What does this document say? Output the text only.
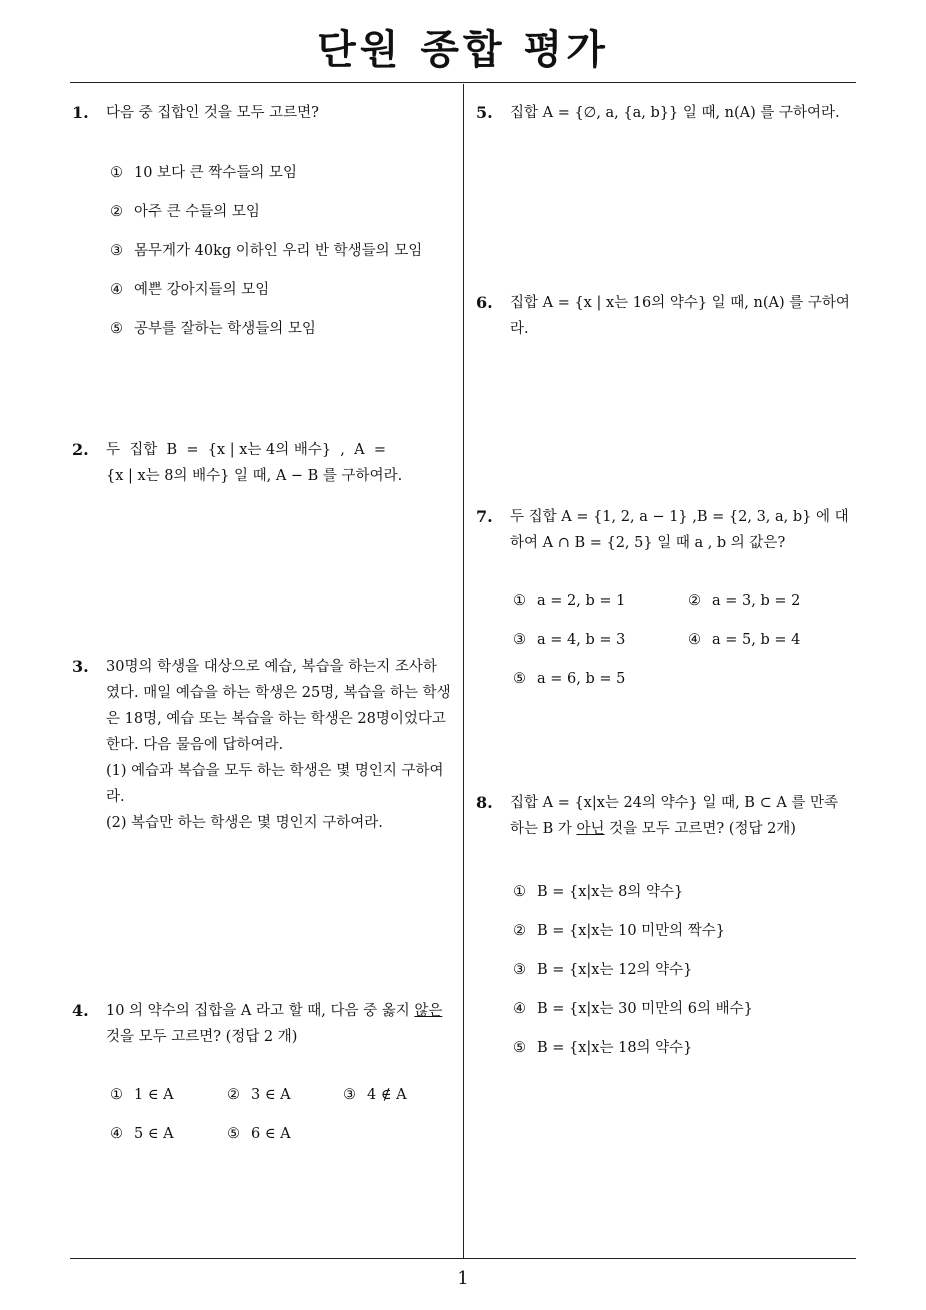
단원 종합 평가
1
1. 다음 중 집합인 것을 모두 고르면?
① 10 보다 큰 짝수들의 모임
② 아주 큰 수들의 모임
③ 몸무게가 40kg 이하인 우리 반 학생들의 모임
④ 예쁜 강아지들의 모임
⑤ 공부를 잘하는 학생들의 모임
2. 두  집합  B  =  {x | x는 4의 배수}  ,  A  =
{x | x는 8의 배수} 일 때, A − B 를 구하여라.
3. 30명의 학생을 대상으로 예습, 복습을 하는지 조사하
였다. 매일 예습을 하는 학생은 25명, 복습을 하는 학생
은 18명, 예습 또는 복습을 하는 학생은 28명이었다고
한다. 다음 물음에 답하여라.
(1) 예습과 복습을 모두 하는 학생은 몇 명인지 구하여
라.
(2) 복습만 하는 학생은 몇 명인지 구하여라.
4. 10 의 약수의 집합을 A 라고 할 때, 다음 중 옳지 않은
것을 모두 고르면? (정답 2 개)
① 1 ∈ A	② 3 ∈ A	③ 4 ∉ A
④ 5 ∈ A	⑤ 6 ∈ A
5. 집합 A = {∅, a, {a, b}} 일 때, n(A) 를 구하여라.
6. 집합 A = {x | x는 16의 약수} 일 때, n(A) 를 구하여
라.
7. 두 집합 A = {1, 2, a − 1} ,B = {2, 3, a, b} 에 대
하여 A ∩ B = {2, 5} 일 때 a , b 의 값은?
① a = 2, b = 1	② a = 3, b = 2
③ a = 4, b = 3	④ a = 5, b = 4
⑤ a = 6, b = 5
8. 집합 A = {x|x는 24의 약수} 일 때, B ⊂ A 를 만족
하는 B 가 아닌 것을 모두 고르면? (정답 2개)
① B = {x|x는 8의 약수}
② B = {x|x는 10 미만의 짝수}
③ B = {x|x는 12의 약수}
④ B = {x|x는 30 미만의 6의 배수}
⑤ B = {x|x는 18의 약수}
